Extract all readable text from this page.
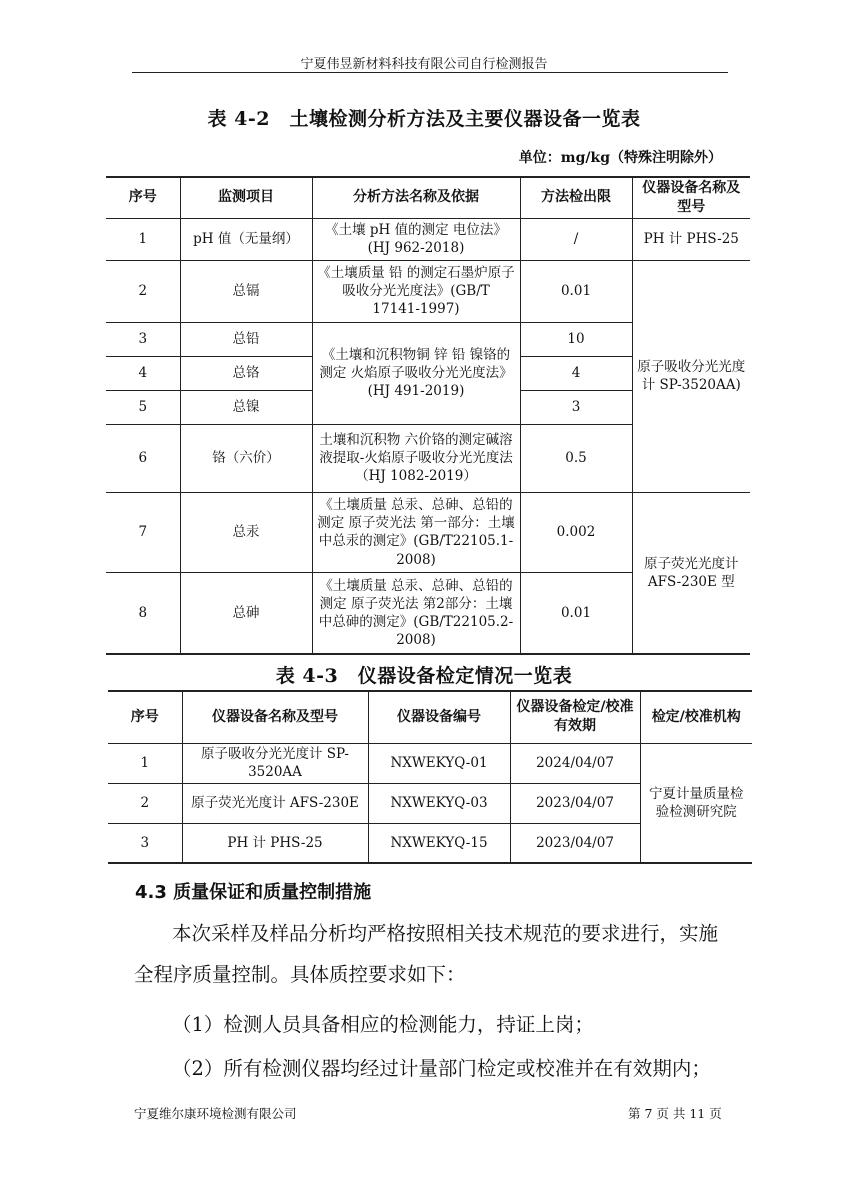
宁夏伟昱新材料科技有限公司自行检测报告
表 4-2　土壤检测分析方法及主要仪器设备一览表
单位：mg/kg（特殊注明除外）
序号	监测项目	分析方法名称及依据	方法检出限	仪器设备名称及型号
1	pH 值（无量纲）	《土壤 pH 值的测定 电位法》(HJ 962-2018)	/	PH 计 PHS-25
2	总镉	《土壤质量 铅 的测定石墨炉原子吸收分光光度法》(GB/T 17141-1997)	0.01	原子吸收分光光度计 SP-3520AA)
3	总铅	《土壤和沉积物铜 锌 铅 镍铬的测定 火焰原子吸收分光光度法》(HJ 491-2019)	10	
4	总铬		4	
5	总镍		3	
6	铬（六价）	土壤和沉积物 六价铬的测定碱溶液提取-火焰原子吸收分光光度法（HJ 1082-2019）	0.5	
7	总汞	《土壤质量 总汞、总砷、总铅的测定 原子荧光法 第一部分：土壤中总汞的测定》(GB/T22105.1-2008)	0.002	原子荧光光度计AFS-230E 型
8	总砷	《土壤质量 总汞、总砷、总铅的测定 原子荧光法 第2部分：土壤中总砷的测定》(GB/T22105.2-2008)	0.01	
表 4-3　仪器设备检定情况一览表
序号	仪器设备名称及型号	仪器设备编号	仪器设备检定/校准有效期	检定/校准机构
1	原子吸收分光光度计 SP-3520AA	NXWEKYQ-01	2024/04/07	宁夏计量质量检验检测研究院
2	原子荧光光度计 AFS-230E	NXWEKYQ-03	2023/04/07	
3	PH 计 PHS-25	NXWEKYQ-15	2023/04/07	
4.3 质量保证和质量控制措施
本次采样及样品分析均严格按照相关技术规范的要求进行，实施
全程序质量控制。具体质控要求如下：
（1）检测人员具备相应的检测能力，持证上岗；
（2）所有检测仪器均经过计量部门检定或校准并在有效期内；
宁夏维尔康环境检测有限公司	第 7 页 共 11 页
